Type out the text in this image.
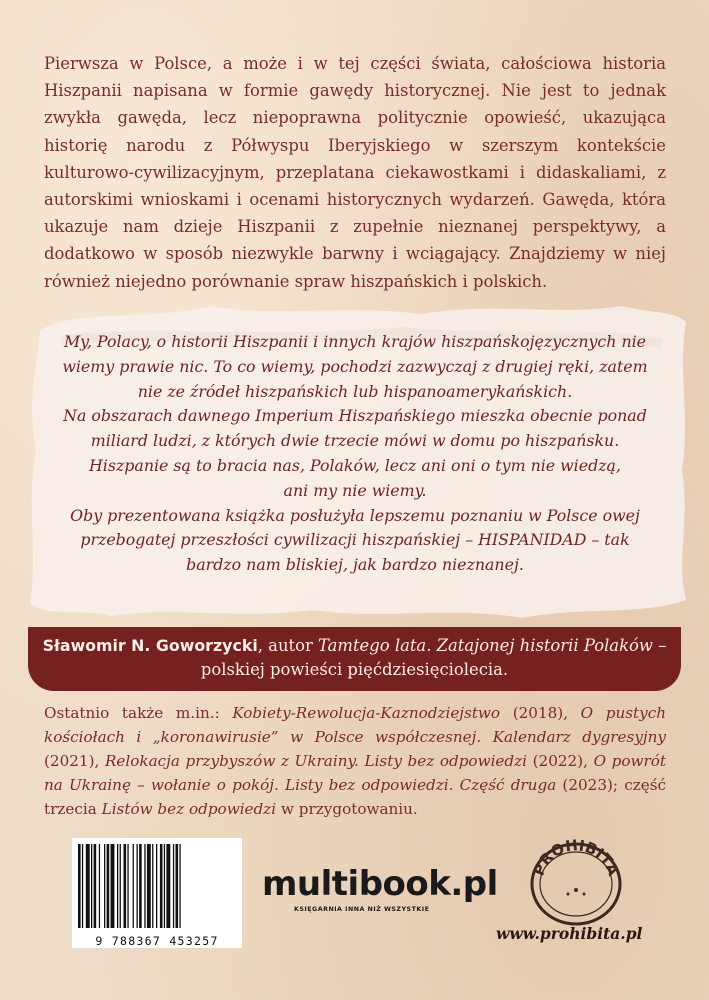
Pierwsza w Polsce, a może i w tej części świata, całościowa historia Hiszpanii napisana w formie gawędy historycznej. Nie jest to jednak zwykła gawęda, lecz niepoprawna politycznie opowieść, ukazująca historię narodu z Półwyspu Iberyjskiego w szerszym kontekście kulturowo-cywilizacyjnym, przeplatana ciekawostkami i didaskaliami, z autorskimi wnioskami i ocenami historycznych wydarzeń. Gawęda, która ukazuje nam dzieje Hiszpanii z zupełnie nieznanej perspektywy, a dodatkowo w sposób niezwykle barwny i wciągający. Znajdziemy w niej również niejedno porównanie spraw hiszpańskich i polskich.

My, Polacy, o historii Hiszpanii i innych krajów hiszpańskojęzycznych nie
wiemy prawie nic. To co wiemy, pochodzi zazwyczaj z drugiej ręki, zatem
nie ze źródeł hiszpańskich lub hispanoamerykańskich.
Na obszarach dawnego Imperium Hiszpańskiego mieszka obecnie ponad
miliard ludzi, z których dwie trzecie mówi w domu po hiszpańsku.
Hiszpanie są to bracia nas, Polaków, lecz ani oni o tym nie wiedzą,
ani my nie wiemy.
Oby prezentowana książka posłużyła lepszemu poznaniu w Polsce owej
przebogatej przeszłości cywilizacji hiszpańskiej – HISPANIDAD – tak
bardzo nam bliskiej, jak bardzo nieznanej.
Sławomir N. Goworzycki, autor Tamtego lata. Zatajonej historii Polaków –
polskiej powieści pięćdziesięciolecia.

Ostatnio także m.in.: Kobiety-Rewolucja-Kaznodziejstwo (2018), O pustych kościołach i „koronawirusie” w Polsce współczesnej. Kalendarz dygresyjny (2021), Relokacja przybyszów z Ukrainy. Listy bez odpowiedzi (2022), O powrót na Ukrainę – wołanie o pokój. Listy bez odpowiedzi. Część druga (2023); część trzecia Listów bez odpowiedzi w przygotowaniu.

9 788367 453257
multibook.pl
KSIĘGARNIA INNA NIŻ WSZYSTKIE
PROHIBITA
www.prohibita.pl
